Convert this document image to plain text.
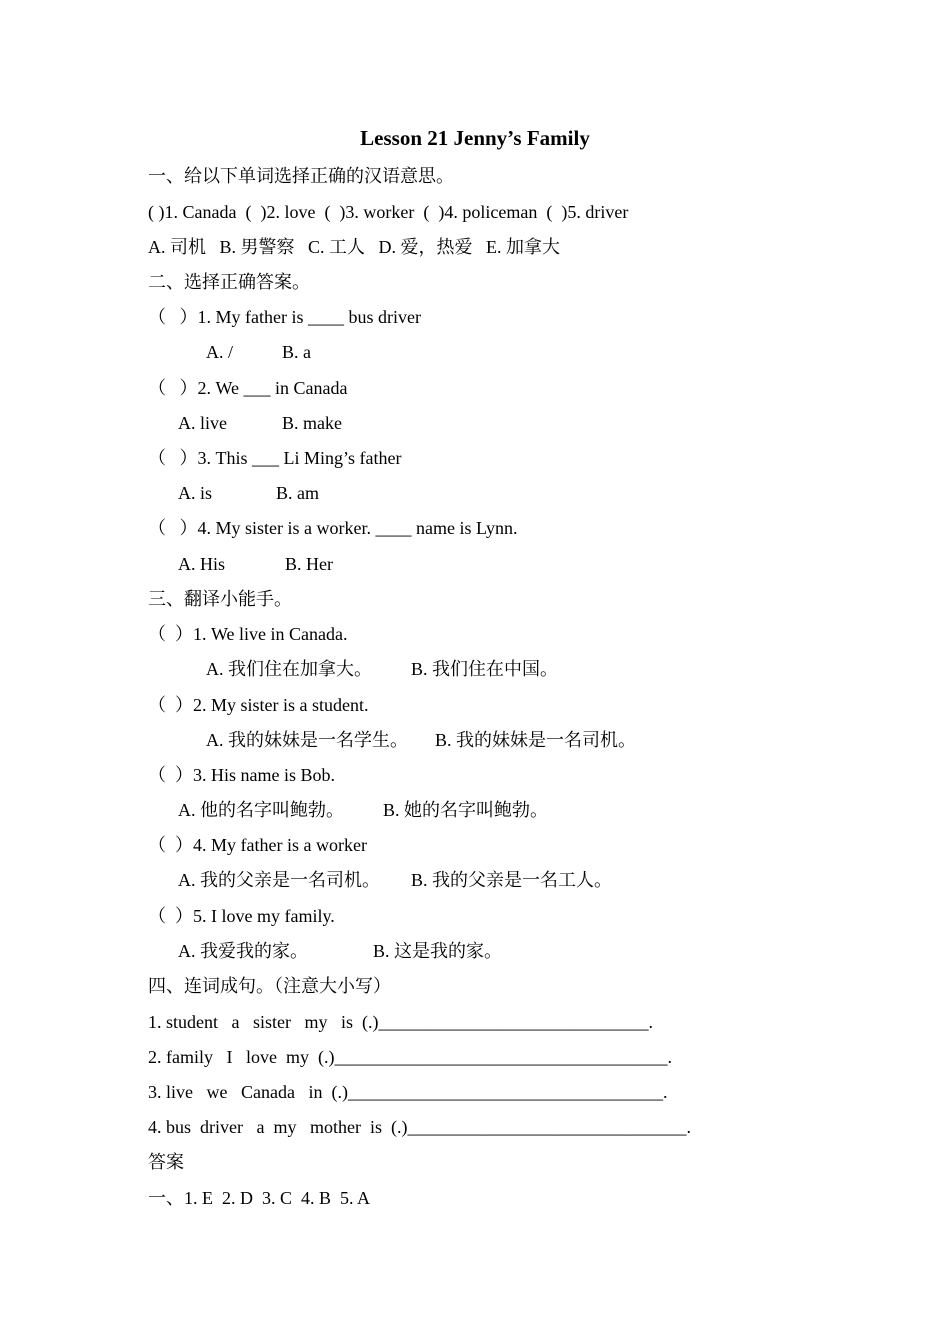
Lesson 21 Jenny’s Family
一、给以下单词选择正确的汉语意思。
( )1. Canada  (  )2. love  (  )3. worker  (  )4. policeman  (  )5. driver
A. 司机   B. 男警察   C. 工人   D. 爱，热爱   E. 加拿大
二、选择正确答案。
（   ）1. My father is ____ bus driver
A. /	B. a
（   ）2. We ___ in Canada
A. live	B. make
（   ）3. This ___ Li Ming’s father
A. is	B. am
（   ）4. My sister is a worker. ____ name is Lynn.
A. His	B. Her
三、翻译小能手。
（  ）1. We live in Canada.
A. 我们住在加拿大。 B. 我们住在中国。
（  ）2. My sister is a student.
A. 我的妹妹是一名学生。 B. 我的妹妹是一名司机。
（  ）3. His name is Bob.
A. 他的名字叫鲍勃。 B. 她的名字叫鲍勃。
（  ）4. My father is a worker
A. 我的父亲是一名司机。 B. 我的父亲是一名工人。
（  ）5. I love my family.
A. 我爱我的家。	B. 这是我的家。
四、连词成句。（注意大小写）
1. student   a   sister   my   is  (.)______________________________.
2. family   I   love  my  (.)_____________________________________.
3. live   we   Canada   in  (.)___________________________________.
4. bus  driver   a  my   mother  is  (.)_______________________________.
答案
一、1. E  2. D  3. C  4. B  5. A
